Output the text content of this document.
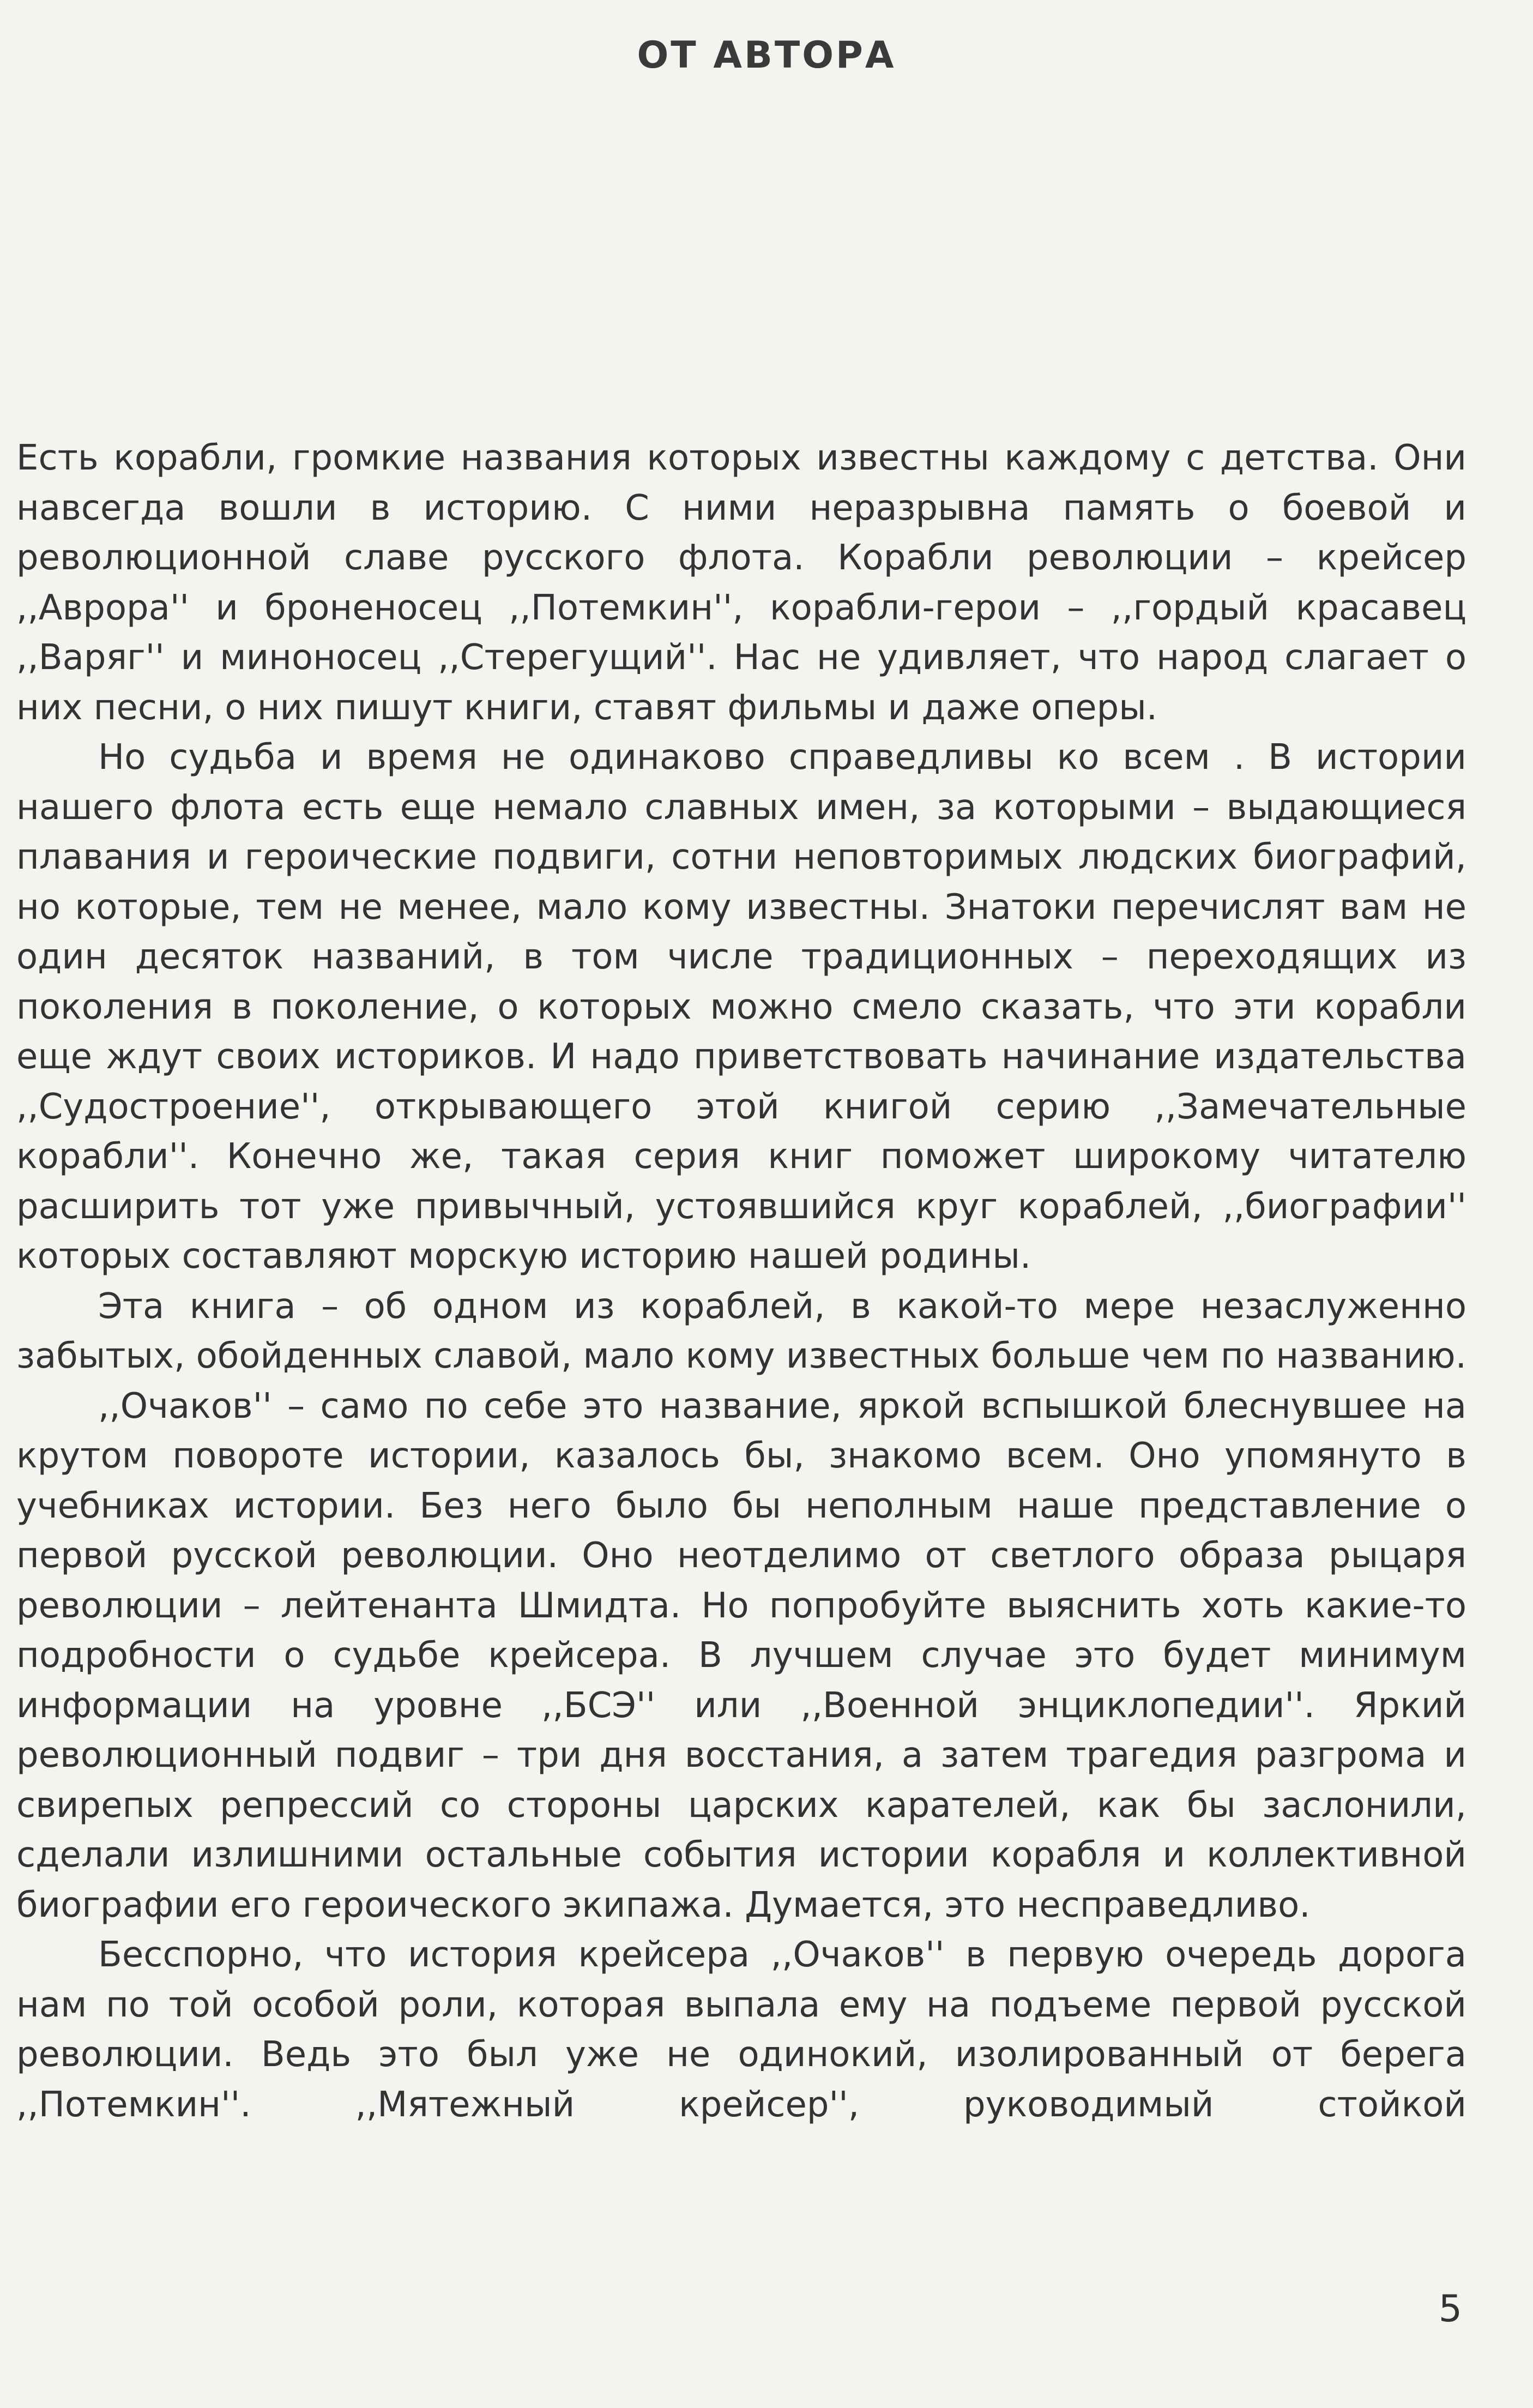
ОТ АВТОРА

Есть корабли, громкие названия которых известны каждому с детства. Они навсегда вошли в историю. С ними неразрывна память о боевой и революционной славе русского флота. Корабли революции – крейсер ,,Аврора'' и броненосец ,,Потемкин'', корабли-герои – ,,гордый красавец ,,Варяг'' и миноносец ,,Стерегущий''. Нас не удивляет, что народ слагает о них песни, о них пишут книги, ставят фильмы и даже оперы.

Но судьба и время не одинаково справедливы ко всем . В истории нашего флота есть еще немало славных имен, за которыми – выдающиеся плавания и героические подвиги, сотни неповторимых людских биографий, но которые, тем не менее, мало кому известны. Знатоки перечислят вам не один десяток названий, в том числе традиционных – переходящих из поколения в поколение, о которых можно смело сказать, что эти корабли еще ждут своих историков. И надо приветствовать начинание издательства ,,Судостроение'', открывающего этой книгой серию ,,Замечательные корабли''. Конечно же, такая серия книг поможет широкому читателю расширить тот уже привычный, устоявшийся круг кораблей, ,,биографии'' которых составляют морскую историю нашей родины.

Эта книга – об одном из кораблей, в какой-то мере незаслуженно забытых, обойденных славой, мало кому известных больше чем по названию.

,,Очаков'' – само по себе это название, яркой вспышкой блеснувшее на крутом повороте истории, казалось бы, знакомо всем. Оно упомянуто в учебниках истории. Без него было бы неполным наше представление о первой русской революции. Оно неотделимо от светлого образа рыцаря революции – лейтенанта Шмидта. Но попробуйте выяснить хоть какие-то подробности о судьбе крейсера. В лучшем случае это будет минимум информации на уровне ,,БСЭ'' или ,,Военной энциклопедии''. Яркий революционный подвиг – три дня восстания, а затем трагедия разгрома и свирепых репрессий со стороны царских карателей, как бы заслонили, сделали излишними остальные события истории корабля и коллективной биографии его героического экипажа. Думается, это несправедливо.

Бесспорно, что история крейсера ,,Очаков'' в первую очередь дорога нам по той особой роли, которая выпала ему на подъеме первой русской революции. Ведь это был уже не одинокий, изолированный от берега ,,Потемкин''. ,,Мятежный крейсер'', руководимый стойкой

5
